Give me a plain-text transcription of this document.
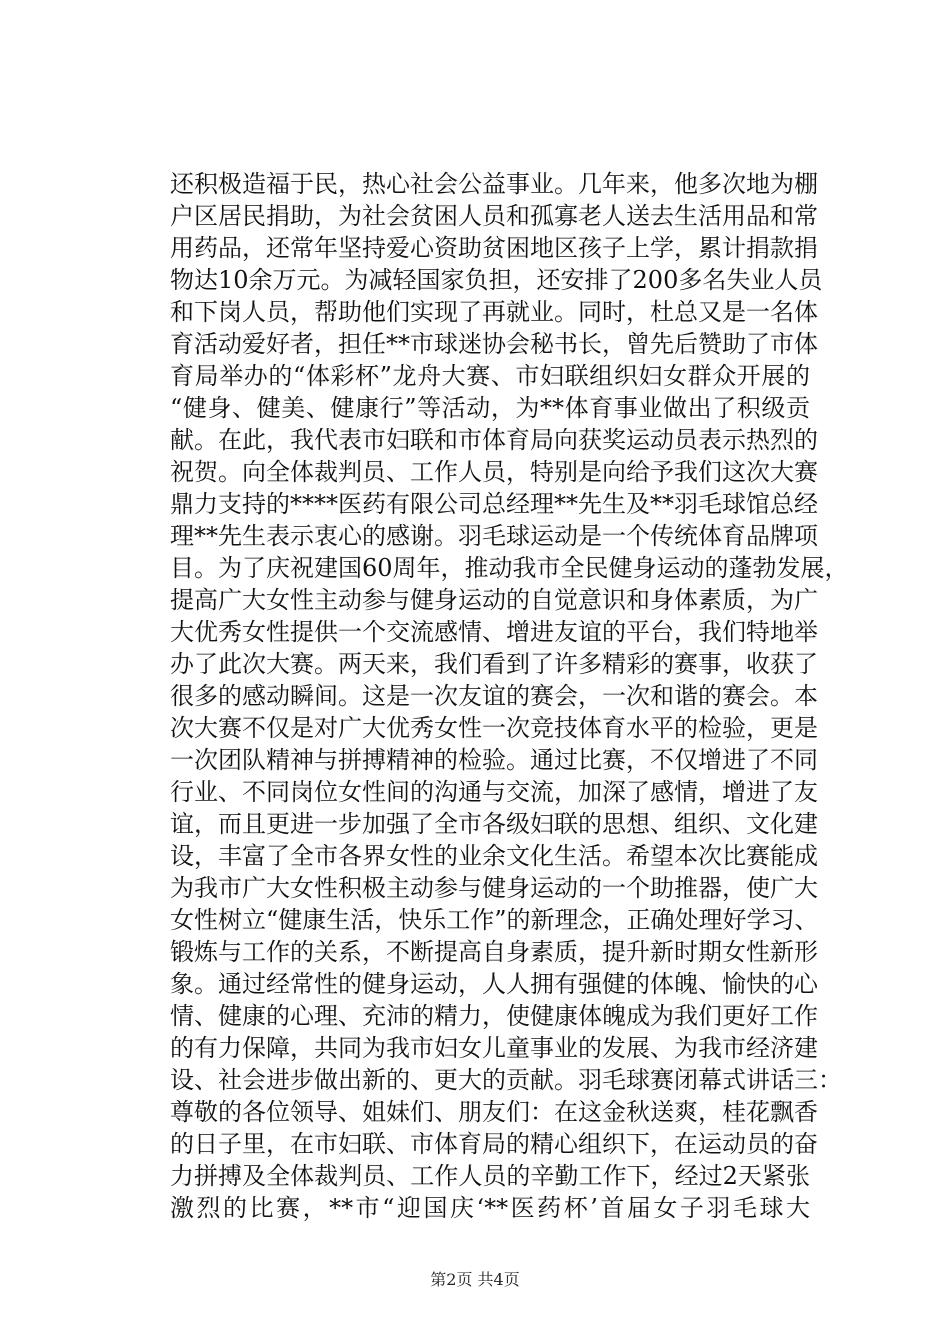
还积极造福于民，热心社会公益事业。几年来，他多次地为棚
户区居民捐助，为社会贫困人员和孤寡老人送去生活用品和常
用药品，还常年坚持爱心资助贫困地区孩子上学，累计捐款捐
物达10余万元。为减轻国家负担，还安排了200多名失业人员
和下岗人员，帮助他们实现了再就业。同时，杜总又是一名体
育活动爱好者，担任**市球迷协会秘书长，曾先后赞助了市体
育局举办的“体彩杯”龙舟大赛、市妇联组织妇女群众开展的
“健身、健美、健康行”等活动，为**体育事业做出了积级贡
献。在此，我代表市妇联和市体育局向获奖运动员表示热烈的
祝贺。向全体裁判员、工作人员，特别是向给予我们这次大赛
鼎力支持的****医药有限公司总经理**先生及**羽毛球馆总经
理**先生表示衷心的感谢。羽毛球运动是一个传统体育品牌项
目。为了庆祝建国60周年，推动我市全民健身运动的蓬勃发展，
提高广大女性主动参与健身运动的自觉意识和身体素质，为广
大优秀女性提供一个交流感情、增进友谊的平台，我们特地举
办了此次大赛。两天来，我们看到了许多精彩的赛事，收获了
很多的感动瞬间。这是一次友谊的赛会，一次和谐的赛会。本
次大赛不仅是对广大优秀女性一次竞技体育水平的检验，更是
一次团队精神与拼搏精神的检验。通过比赛，不仅增进了不同
行业、不同岗位女性间的沟通与交流，加深了感情，增进了友
谊，而且更进一步加强了全市各级妇联的思想、组织、文化建
设，丰富了全市各界女性的业余文化生活。希望本次比赛能成
为我市广大女性积极主动参与健身运动的一个助推器，使广大
女性树立“健康生活，快乐工作”的新理念，正确处理好学习、
锻炼与工作的关系，不断提高自身素质，提升新时期女性新形
象。通过经常性的健身运动，人人拥有强健的体魄、愉快的心
情、健康的心理、充沛的精力，使健康体魄成为我们更好工作
的有力保障，共同为我市妇女儿童事业的发展、为我市经济建
设、社会进步做出新的、更大的贡献。羽毛球赛闭幕式讲话三：
尊敬的各位领导、姐妹们、朋友们：在这金秋送爽，桂花飘香
的日子里，在市妇联、市体育局的精心组织下，在运动员的奋
力拼搏及全体裁判员、工作人员的辛勤工作下，经过2天紧张
激烈的比赛，**市“迎国庆‘**医药杯’首届女子羽毛球大
第2页 共4页
